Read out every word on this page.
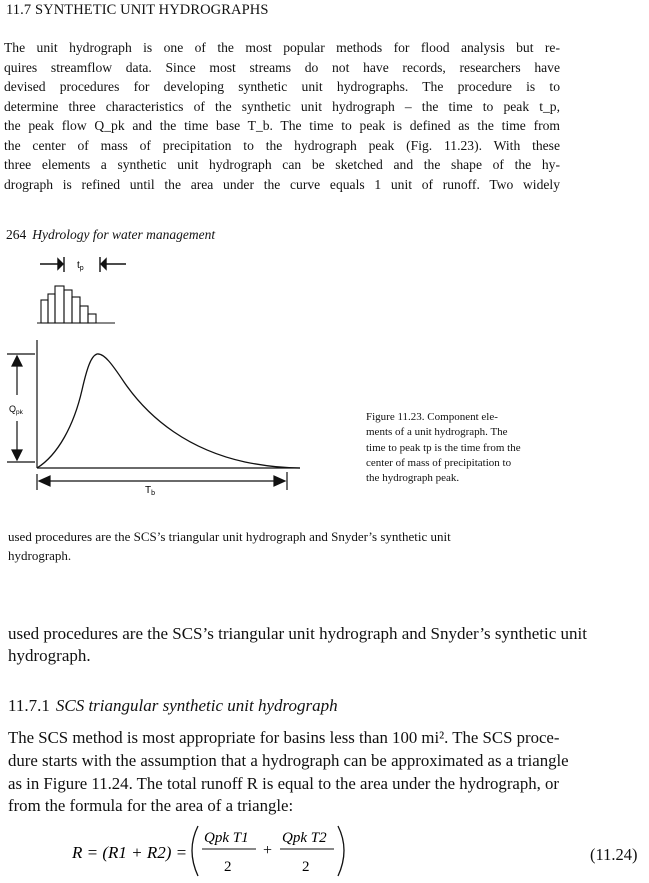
11.7 SYNTHETIC UNIT HYDROGRAPHS
The unit hydrograph is one of the most popular methods for flood analysis but re-
quires streamflow data. Since most streams do not have records, researchers have
devised procedures for developing synthetic unit hydrographs. The procedure is to
determine three characteristics of the synthetic unit hydrograph – the time to peak t_p,
the peak flow Q_pk and the time base T_b. The time to peak is defined as the time from
the center of mass of precipitation to the hydrograph peak (Fig. 11.23). With these
three elements a synthetic unit hydrograph can be sketched and the shape of the hy-
drograph is refined until the area under the curve equals 1 unit of runoff. Two widely
264 Hydrology for water management
$t_p$
$Q_{pk}$
$T_b$
Figure 11.23. Component ele-
ments of a unit hydrograph. The
time to peak tp is the time from the
center of mass of precipitation to
the hydrograph peak.
used procedures are the SCS’s triangular unit hydrograph and Snyder’s synthetic unit
hydrograph.
used procedures are the SCS’s triangular unit hydrograph and Snyder’s synthetic unit
hydrograph.
11.7.1 SCS triangular synthetic unit hydrograph
The SCS method is most appropriate for basins less than 100 mi². The SCS proce-
dure starts with the assumption that a hydrograph can be approximated as a triangle
as in Figure 11.24. The total runoff R is equal to the area under the hydrograph, or
from the formula for the area of a triangle:
R = (R1 + R2) =
Qpk T1
2
+
Qpk T2
2
(11.24)
